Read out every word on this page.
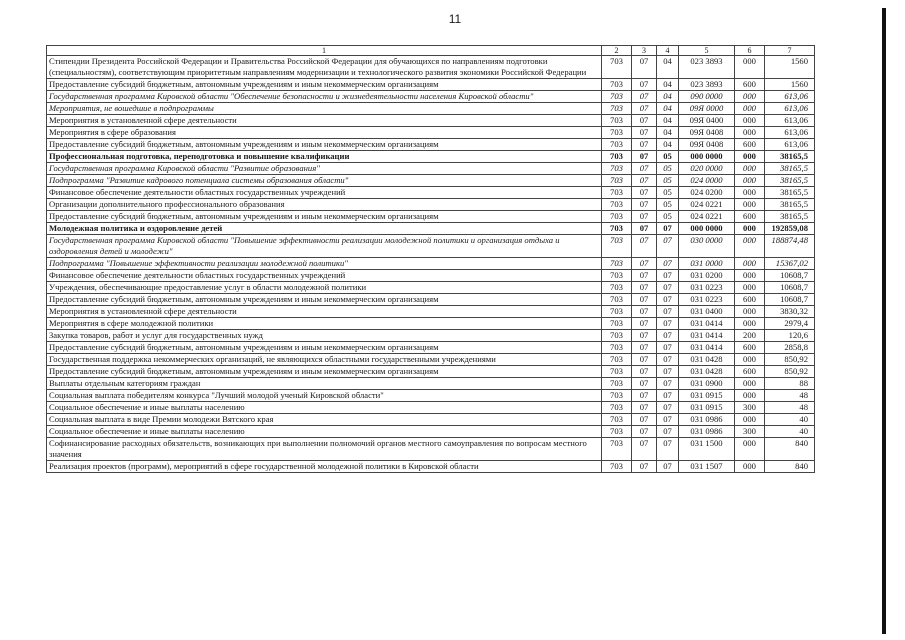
11
1	2	3	4	5	6	7
Стипендии Президента Российской Федерации и Правительства Российской Федерации для обучающихся по направлениям подготовки (специальностям), соответствующим приоритетным направлениям модернизации и технологического развития экономики Российской Федерации	703	07	04	023 3893	000	1560
Предоставление субсидий бюджетным, автономным учреждениям и иным некоммерческим организациям	703	07	04	023 3893	600	1560
Государственная программа Кировской области "Обеспечение безопасности и жизнедеятельности населения Кировской области"	703	07	04	090 0000	000	613,06
Мероприятия, не вошедшие в подпрограммы	703	07	04	09Я 0000	000	613,06
Мероприятия в установленной сфере деятельности	703	07	04	09Я 0400	000	613,06
Мероприятия в сфере образования	703	07	04	09Я 0408	000	613,06
Предоставление субсидий бюджетным, автономным учреждениям и иным некоммерческим организациям	703	07	04	09Я 0408	600	613,06
Профессиональная подготовка, переподготовка и повышение квалификации	703	07	05	000 0000	000	38165,5
Государственная программа Кировской области "Развитие образования"	703	07	05	020 0000	000	38165,5
Подпрограмма "Развитие кадрового потенциала системы образования области"	703	07	05	024 0000	000	38165,5
Финансовое обеспечение деятельности областных государственных учреждений	703	07	05	024 0200	000	38165,5
Организации дополнительного профессионального образования	703	07	05	024 0221	000	38165,5
Предоставление субсидий бюджетным, автономным учреждениям и иным некоммерческим организациям	703	07	05	024 0221	600	38165,5
Молодежная политика и оздоровление детей	703	07	07	000 0000	000	192859,08
Государственная программа Кировской области "Повышение эффективности реализации молодежной политики и организация отдыха и оздоровления детей и молодежи"	703	07	07	030 0000	000	188874,48
Подпрограмма "Повышение эффективности реализации молодежной политики"	703	07	07	031 0000	000	15367,02
Финансовое обеспечение деятельности областных государственных учреждений	703	07	07	031 0200	000	10608,7
Учреждения, обеспечивающие предоставление услуг в области молодежной политики	703	07	07	031 0223	000	10608,7
Предоставление субсидий бюджетным, автономным учреждениям и иным некоммерческим организациям	703	07	07	031 0223	600	10608,7
Мероприятия в установленной сфере деятельности	703	07	07	031 0400	000	3830,32
Мероприятия в сфере молодежной политики	703	07	07	031 0414	000	2979,4
Закупка товаров, работ и услуг для государственных нужд	703	07	07	031 0414	200	120,6
Предоставление субсидий бюджетным, автономным учреждениям и иным некоммерческим организациям	703	07	07	031 0414	600	2858,8
Государственная поддержка некоммерческих организаций, не являющихся областными государственными учреждениями	703	07	07	031 0428	000	850,92
Предоставление субсидий бюджетным, автономным учреждениям и иным некоммерческим организациям	703	07	07	031 0428	600	850,92
Выплаты отдельным категориям граждан	703	07	07	031 0900	000	88
Социальная выплата победителям конкурса "Лучший молодой ученый Кировской области"	703	07	07	031 0915	000	48
Социальное обеспечение и иные выплаты населению	703	07	07	031 0915	300	48
Социальная выплата в виде Премии молодежи Вятского края	703	07	07	031 0986	000	40
Социальное обеспечение и иные выплаты населению	703	07	07	031 0986	300	40
Софинансирование расходных обязательств, возникающих при выполнении полномочий органов местного самоуправления по вопросам местного значения	703	07	07	031 1500	000	840
Реализация проектов (программ), мероприятий в сфере государственной молодежной политики в Кировской области	703	07	07	031 1507	000	840
